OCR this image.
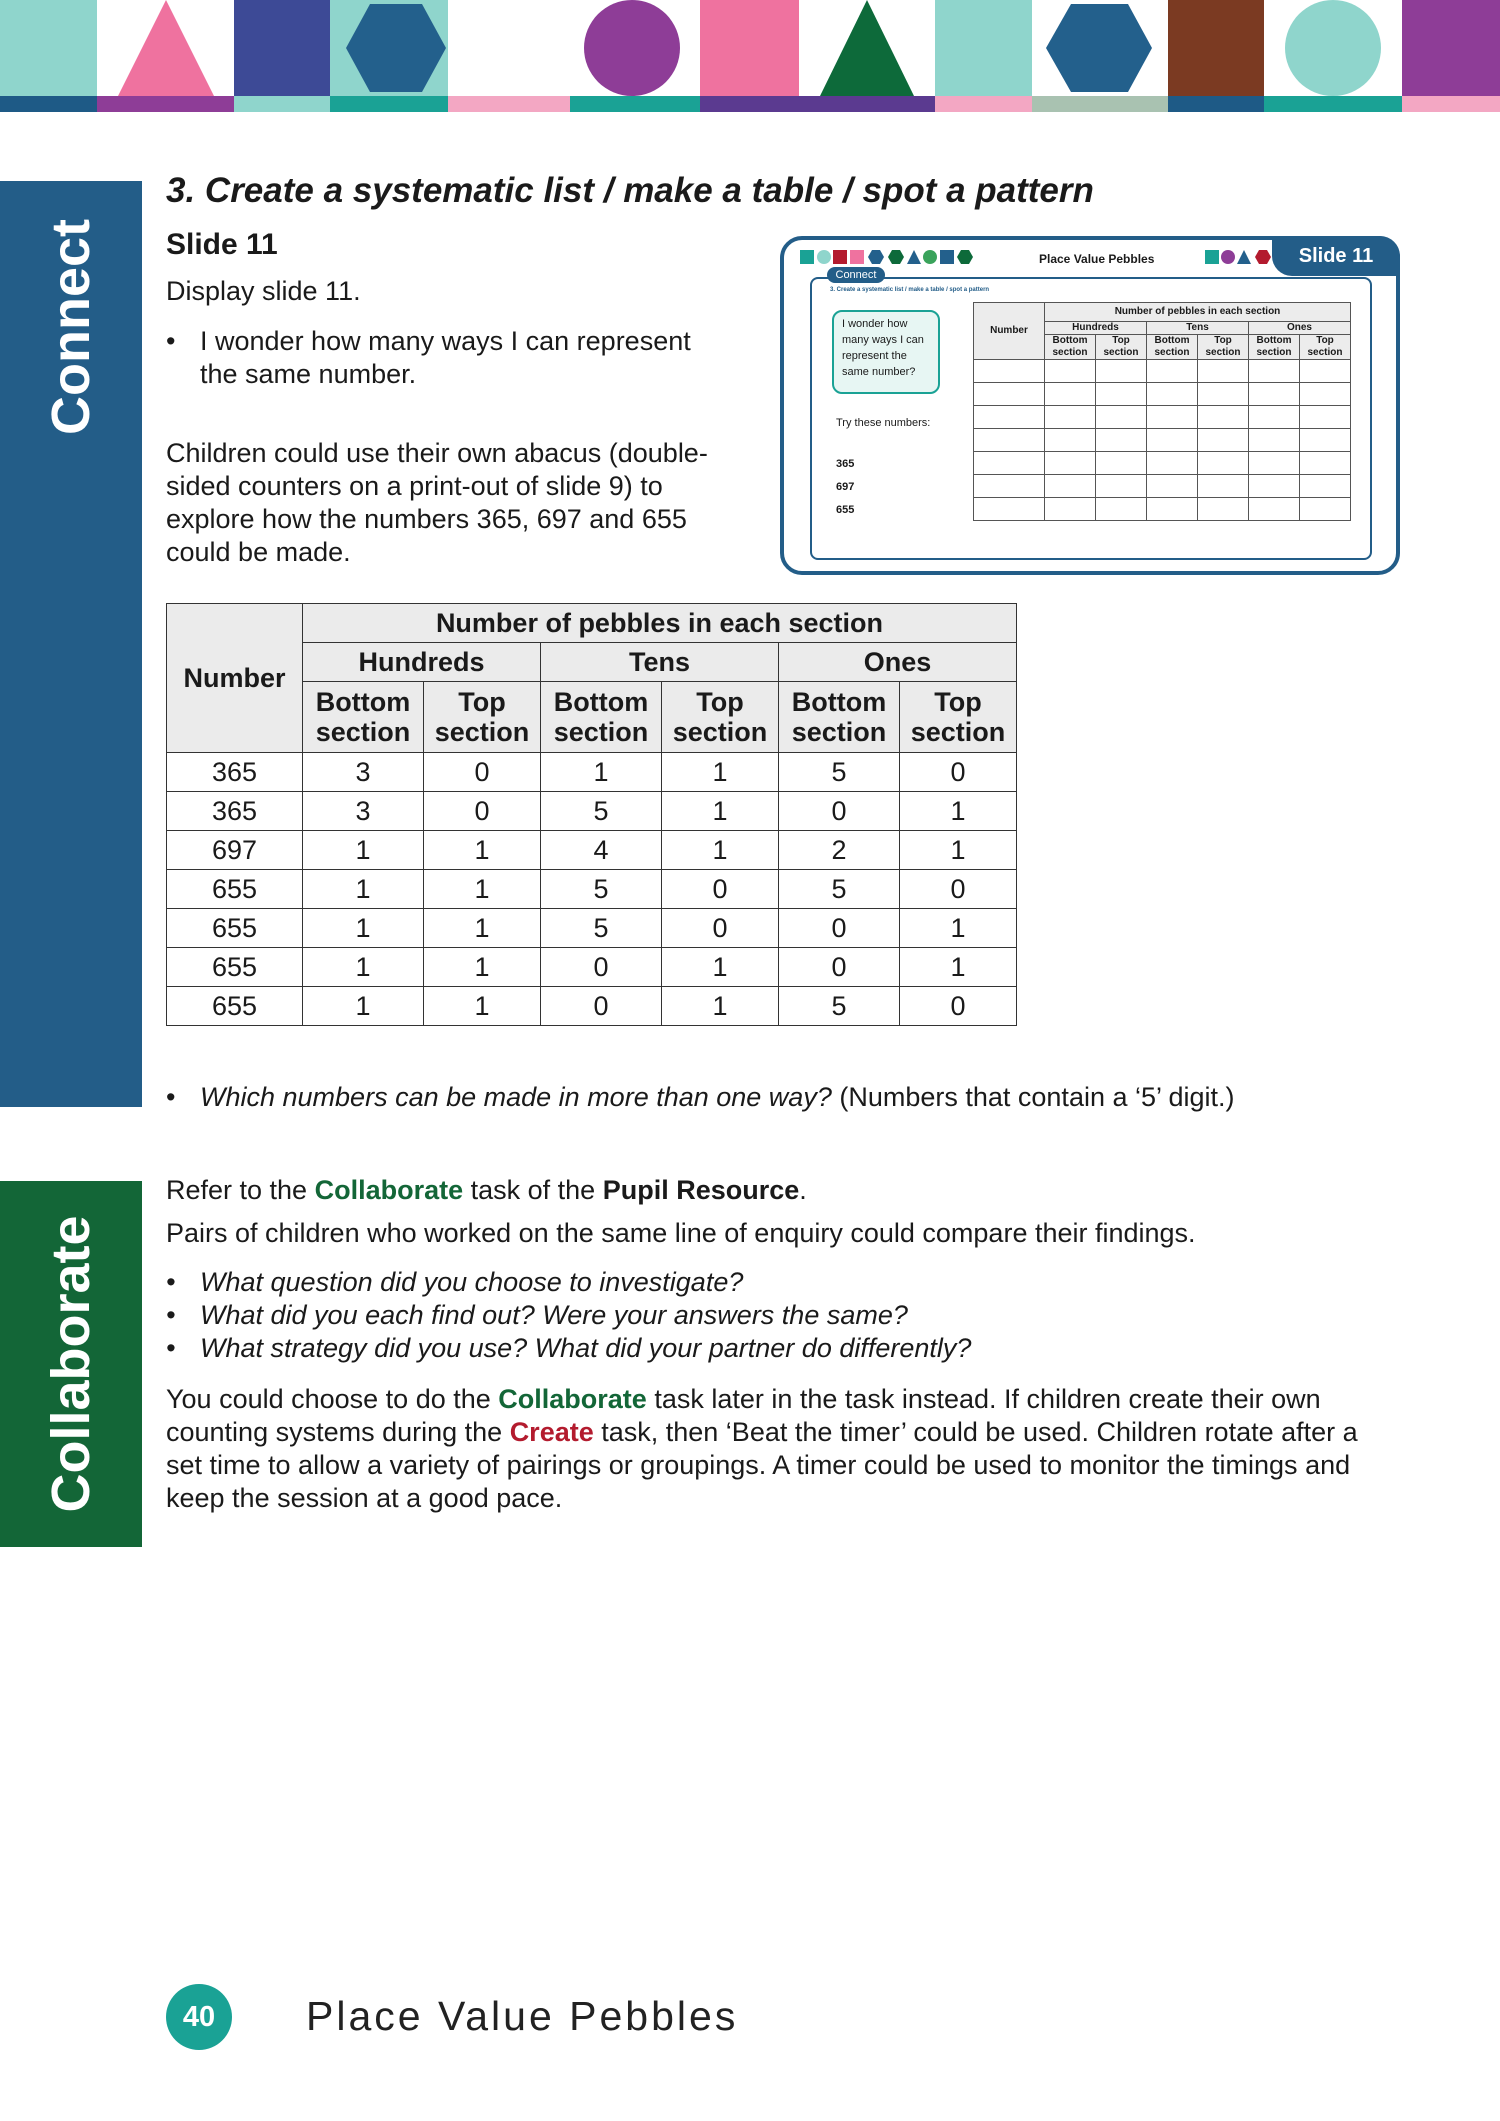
Connect
Collaborate
3. Create a systematic list / make a table / spot a pattern
Slide 11
Display slide 11.
• I wonder how many ways I can represent the same number.
Children could use their own abacus (double-sided counters on a print-out of slide 9) to explore how the numbers 365, 697 and 655 could be made.
Place Value Pebbles	Slide 11
Connect
3. Create a systematic list / make a table / spot a pattern
I wonder how many ways I can represent the same number?
Try these numbers:
365
697
655
Number	Number of pebbles in each section					
	Hundreds		Tens		Ones	
	Bottom section	Top section	Bottom section	Top section	Bottom section	Top section

Number	Number of pebbles in each section					
	Hundreds		Tens		Ones	
	Bottom section	Top section	Bottom section	Top section	Bottom section	Top section
365	3	0	1	1	5	0
365	3	0	5	1	0	1
697	1	1	4	1	2	1
655	1	1	5	0	5	0
655	1	1	5	0	0	1
655	1	1	0	1	0	1
655	1	1	0	1	5	0
• Which numbers can be made in more than one way? (Numbers that contain a ‘5’ digit.)
Refer to the Collaborate task of the Pupil Resource.
Pairs of children who worked on the same line of enquiry could compare their findings.
• What question did you choose to investigate?
• What did you each find out? Were your answers the same?
• What strategy did you use? What did your partner do differently?
You could choose to do the Collaborate task later in the task instead. If children create their own counting systems during the Create task, then ‘Beat the timer’ could be used. Children rotate after a set time to allow a variety of pairings or groupings. A timer could be used to monitor the timings and keep the session at a good pace.
40	Place Value Pebbles
